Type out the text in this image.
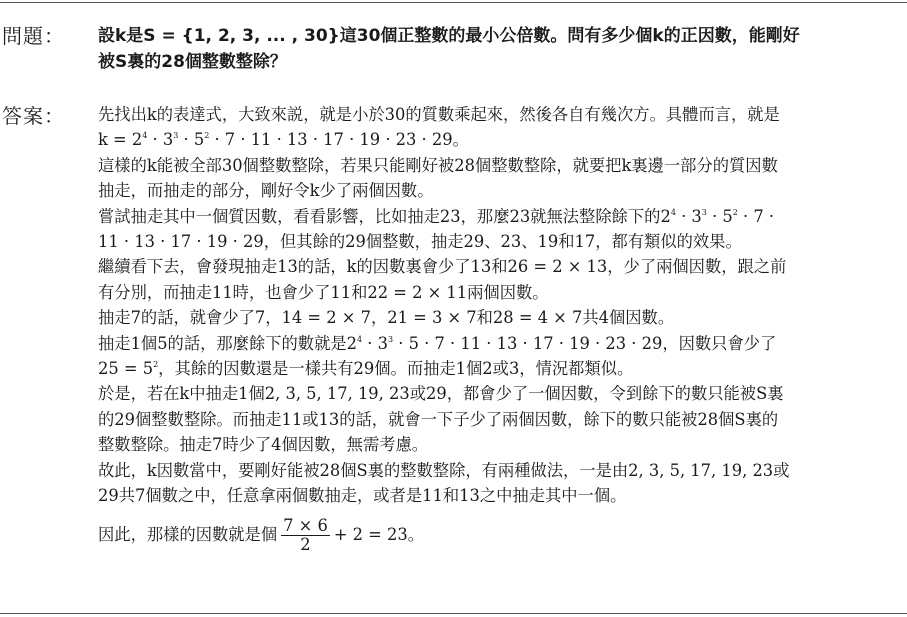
問題： 設k是S = {1, 2, 3, ... , 30}這30個正整數的最小公倍數。問有多少個k的正因數，能剛好
被S裏的28個整數整除？
答案： 先找出k的表達式，大致來説，就是小於30的質數乘起來，然後各自有幾次方。具體而言，就是

$k = 2^4 \cdot 3^3 \cdot 5^2 \cdot 7 \cdot 11 \cdot 13 \cdot 17 \cdot 19 \cdot 23 \cdot 29$。

這樣的k能被全部30個整數整除，若果只能剛好被28個整數整除，就要把k裏邊一部分的質因數

抽走，而抽走的部分，剛好令k少了兩個因數。

嘗試抽走其中一個質因數，看看影響，比如抽走23，那麼23就無法整除餘下的$2^4 \cdot 3^3 \cdot 5^2 \cdot 7$ ·

11 · 13 · 17 · 19 · 29，但其餘的29個整數，抽走29、23、19和17，都有類似的效果。

繼續看下去，會發現抽走13的話，k的因數裏會少了13和26 = 2 × 13，少了兩個因數，跟之前

有分別，而抽走11時，也會少了11和22 = 2 × 11兩個因數。

抽走7的話，就會少了7，14 = 2 × 7，21 = 3 × 7和28 = 4 × 7共4個因數。

抽走1個5的話，那麼餘下的數就是$2^4 \cdot 3^3 \cdot 5 \cdot 7 \cdot 11 \cdot 13 \cdot 17 \cdot 19 \cdot 23 \cdot 29$，因數只會少了

$25 = 5^2$，其餘的因數還是一樣共有29個。而抽走1個2或3，情況都類似。

於是，若在k中抽走1個2, 3, 5, 17, 19, 23或29，都會少了一個因數，令到餘下的數只能被S裏

的29個整數整除。而抽走11或13的話，就會一下子少了兩個因數，餘下的數只能被28個S裏的

整數整除。抽走7時少了4個因數，無需考慮。

故此，k因數當中，要剛好能被28個S裏的整數整除，有兩種做法，一是由2, 3, 5, 17, 19, 23或

29共7個數之中，任意拿兩個數抽走，或者是11和13之中抽走其中一個。

因此，那樣的因數就是個 $\frac{7 \times 6}{2} + 2 = 23$。
